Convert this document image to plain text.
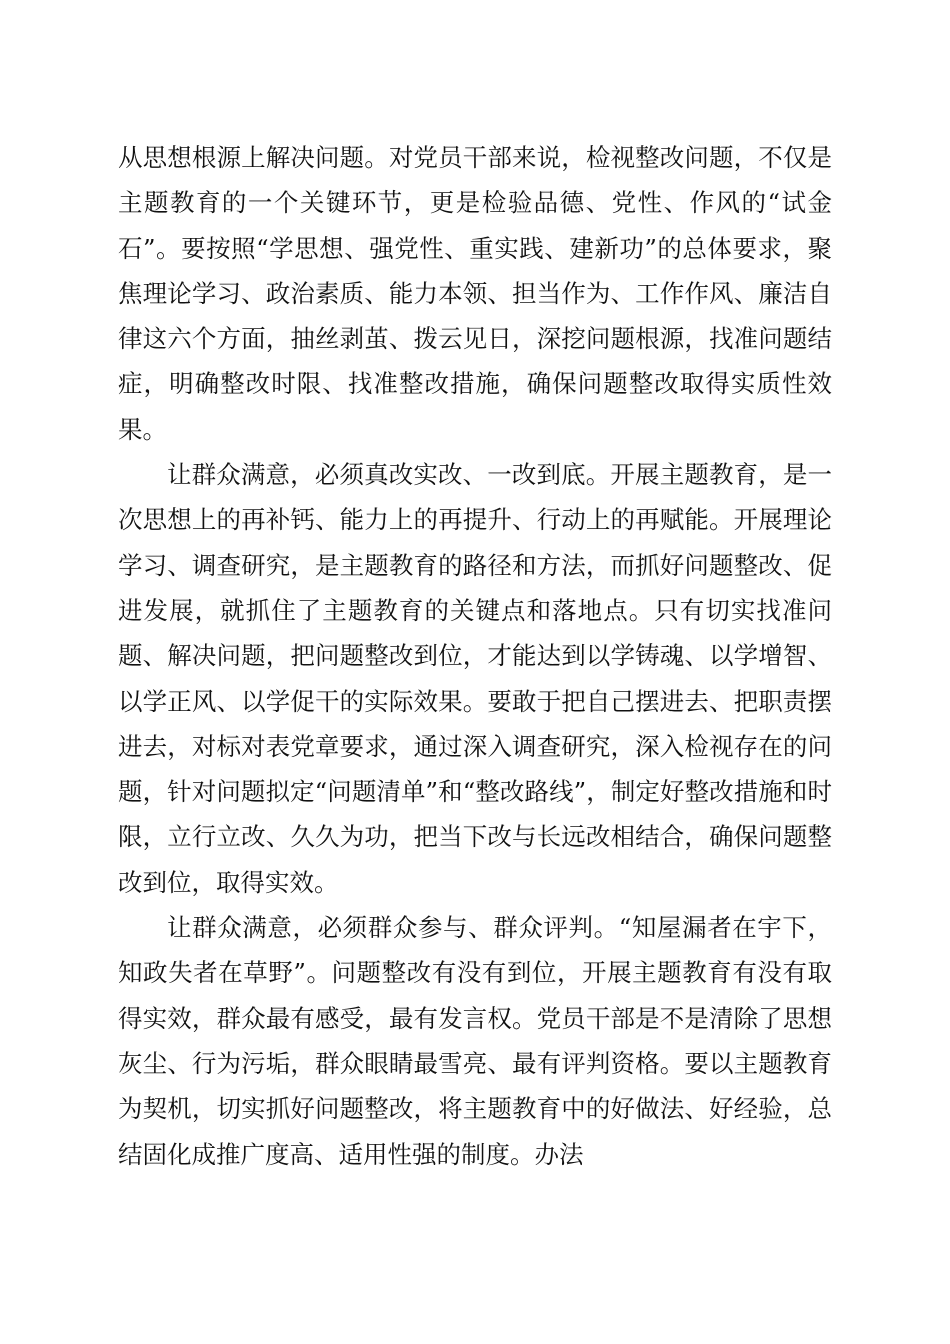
从思想根源上解决问题。对党员干部来说，检视整改问题，不仅是主题教育的一个关键环节，更是检验品德、党性、作风的“试金石”。要按照“学思想、强党性、重实践、建新功”的总体要求，聚焦理论学习、政治素质、能力本领、担当作为、工作作风、廉洁自律这六个方面，抽丝剥茧、拨云见日，深挖问题根源，找准问题结症，明确整改时限、找准整改措施，确保问题整改取得实质性效果。

让群众满意，必须真改实改、一改到底。开展主题教育，是一次思想上的再补钙、能力上的再提升、行动上的再赋能。开展理论学习、调查研究，是主题教育的路径和方法，而抓好问题整改、促进发展，就抓住了主题教育的关键点和落地点。只有切实找准问题、解决问题，把问题整改到位，才能达到以学铸魂、以学增智、以学正风、以学促干的实际效果。要敢于把自己摆进去、把职责摆进去，对标对表党章要求，通过深入调查研究，深入检视存在的问题，针对问题拟定“问题清单”和“整改路线”，制定好整改措施和时限，立行立改、久久为功，把当下改与长远改相结合，确保问题整改到位，取得实效。

让群众满意，必须群众参与、群众评判。“知屋漏者在宇下，知政失者在草野”。问题整改有没有到位，开展主题教育有没有取得实效，群众最有感受，最有发言权。党员干部是不是清除了思想灰尘、行为污垢，群众眼睛最雪亮、最有评判资格。要以主题教育为契机，切实抓好问题整改，将主题教育中的好做法、好经验，总结固化成推广度高、适用性强的制度。办法
